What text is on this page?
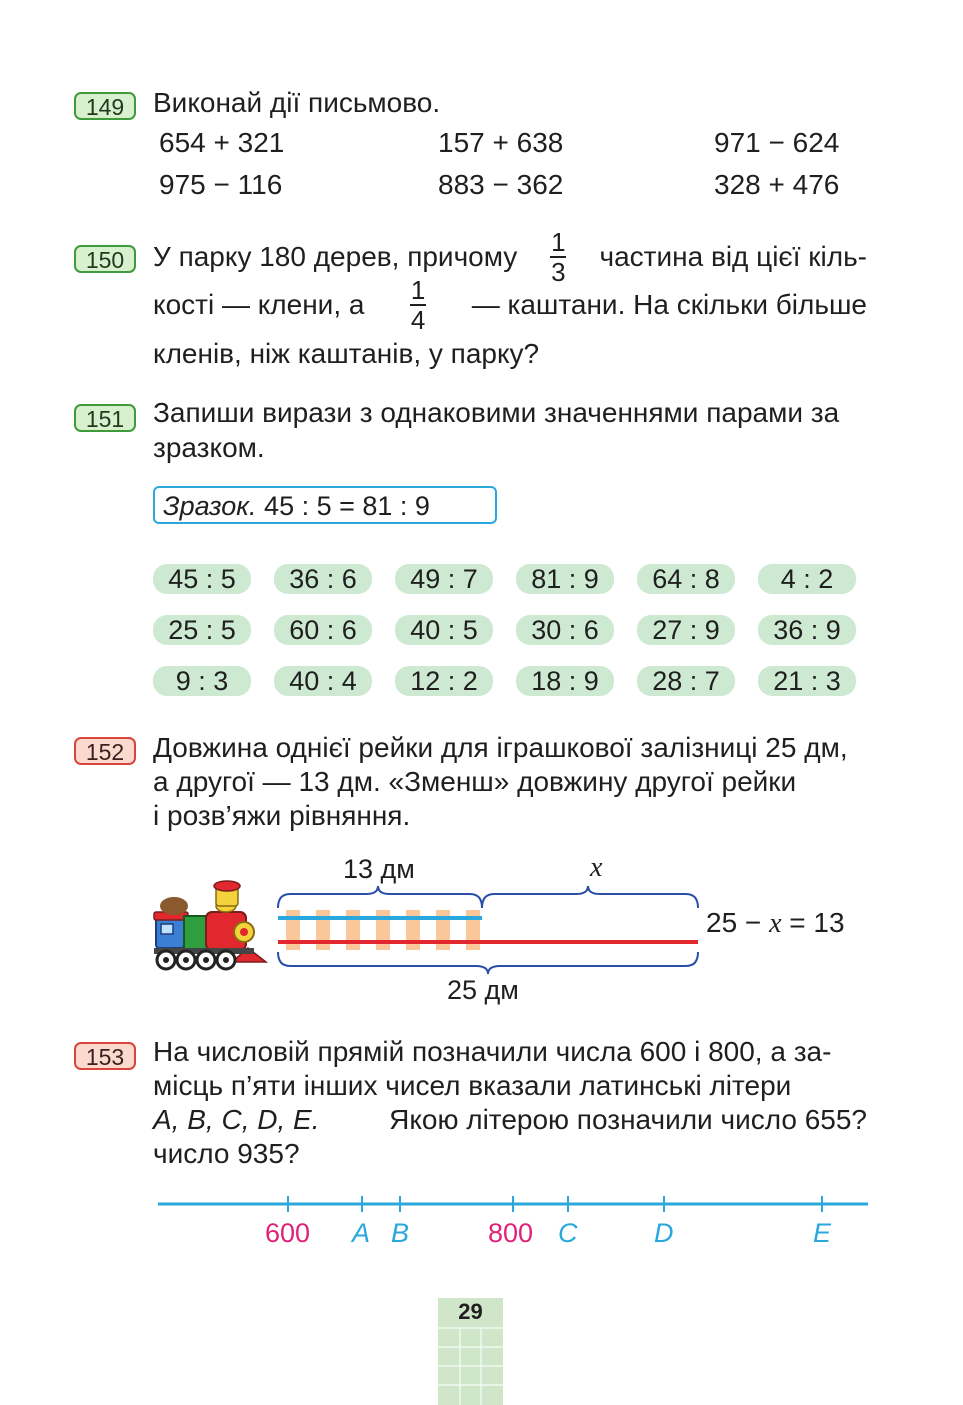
149	Виконай дії письмово.
654 + 321	157 + 638	971 − 624
975 − 116	883 − 362	328 + 476
150	У парку 180 дерев, причому $\frac{1}{3}$ частина від цієї кіль-
кості — клени, а $\frac{1}{4}$ — каштани. На скільки більше
кленів, ніж каштанів, у парку?
151	Запиши вирази з однаковими значеннями парами за
зразком.
Зразок. 45 : 5 = 81 : 9
45 : 5	36 : 6	49 : 7	81 : 9	64 : 8	4 : 2
25 : 5	60 : 6	40 : 5	30 : 6	27 : 9	36 : 9
9 : 3	40 : 4	12 : 2	18 : 9	28 : 7	21 : 3
152	Довжина однієї рейки для іграшкової залізниці 25 дм,
а другої — 13 дм. «Зменш» довжину другої рейки
і розв’яжи рівняння.
13 дм	x
25 дм
25 − x = 13
153	На числовій прямій позначили числа 600 і 800, а за-
місць п’яти інших чисел вказали латинські літери
A, B, C, D, E. Якою літерою позначили число 655?
число 935?
600 A B	800 C	D	E
29
